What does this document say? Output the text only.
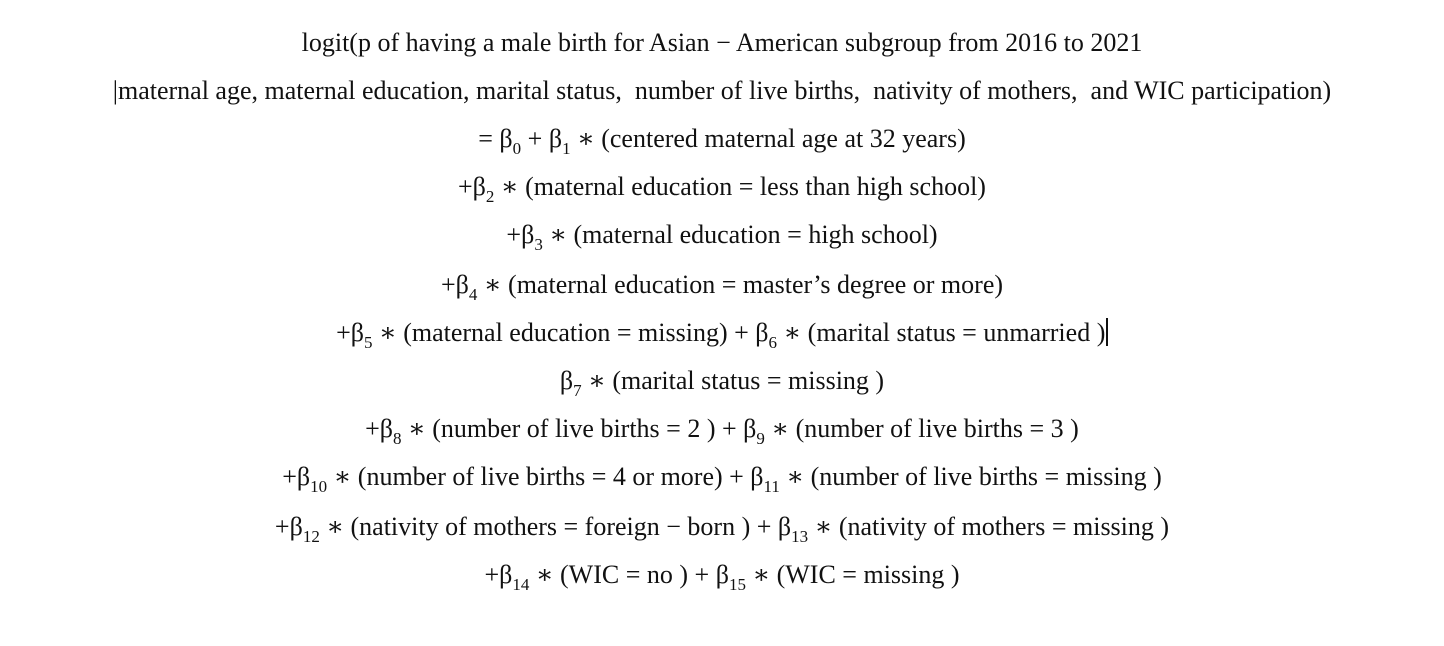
logit(p of having a male birth for Asian − American subgroup from 2016 to 2021
|maternal age, maternal education, marital status,  number of live births,  nativity of mothers,  and WIC participation)
= $\beta_0 + \beta_1$ ∗ (centered maternal age at 32 years)
$+\beta_2$ ∗ (maternal education = less than high school)
$+\beta_3$ ∗ (maternal education = high school)
$+\beta_4$ ∗ (maternal education = master’s degree or more)
$+\beta_5$ ∗ (maternal education = $missing) + \beta_6$ ∗ (marital status = unmarried )
$\beta_7$ ∗ (marital status = missing )
$+\beta_8$ ∗ (number of live births = 2 ) + $\beta_9$ ∗ (number of live births = 3 )
$+\beta_{10}$ ∗ (number of live births = 4 or more) + $\beta_{11}$ ∗ (number of live births = missing )
$+\beta_{12}$ ∗ (nativity of mothers = foreign − born ) + $\beta_{13}$ ∗ (nativity of mothers = missing )
$+\beta_{14}$ ∗ (WIC = no ) + $\beta_{15}$ ∗ (WIC = missing )
